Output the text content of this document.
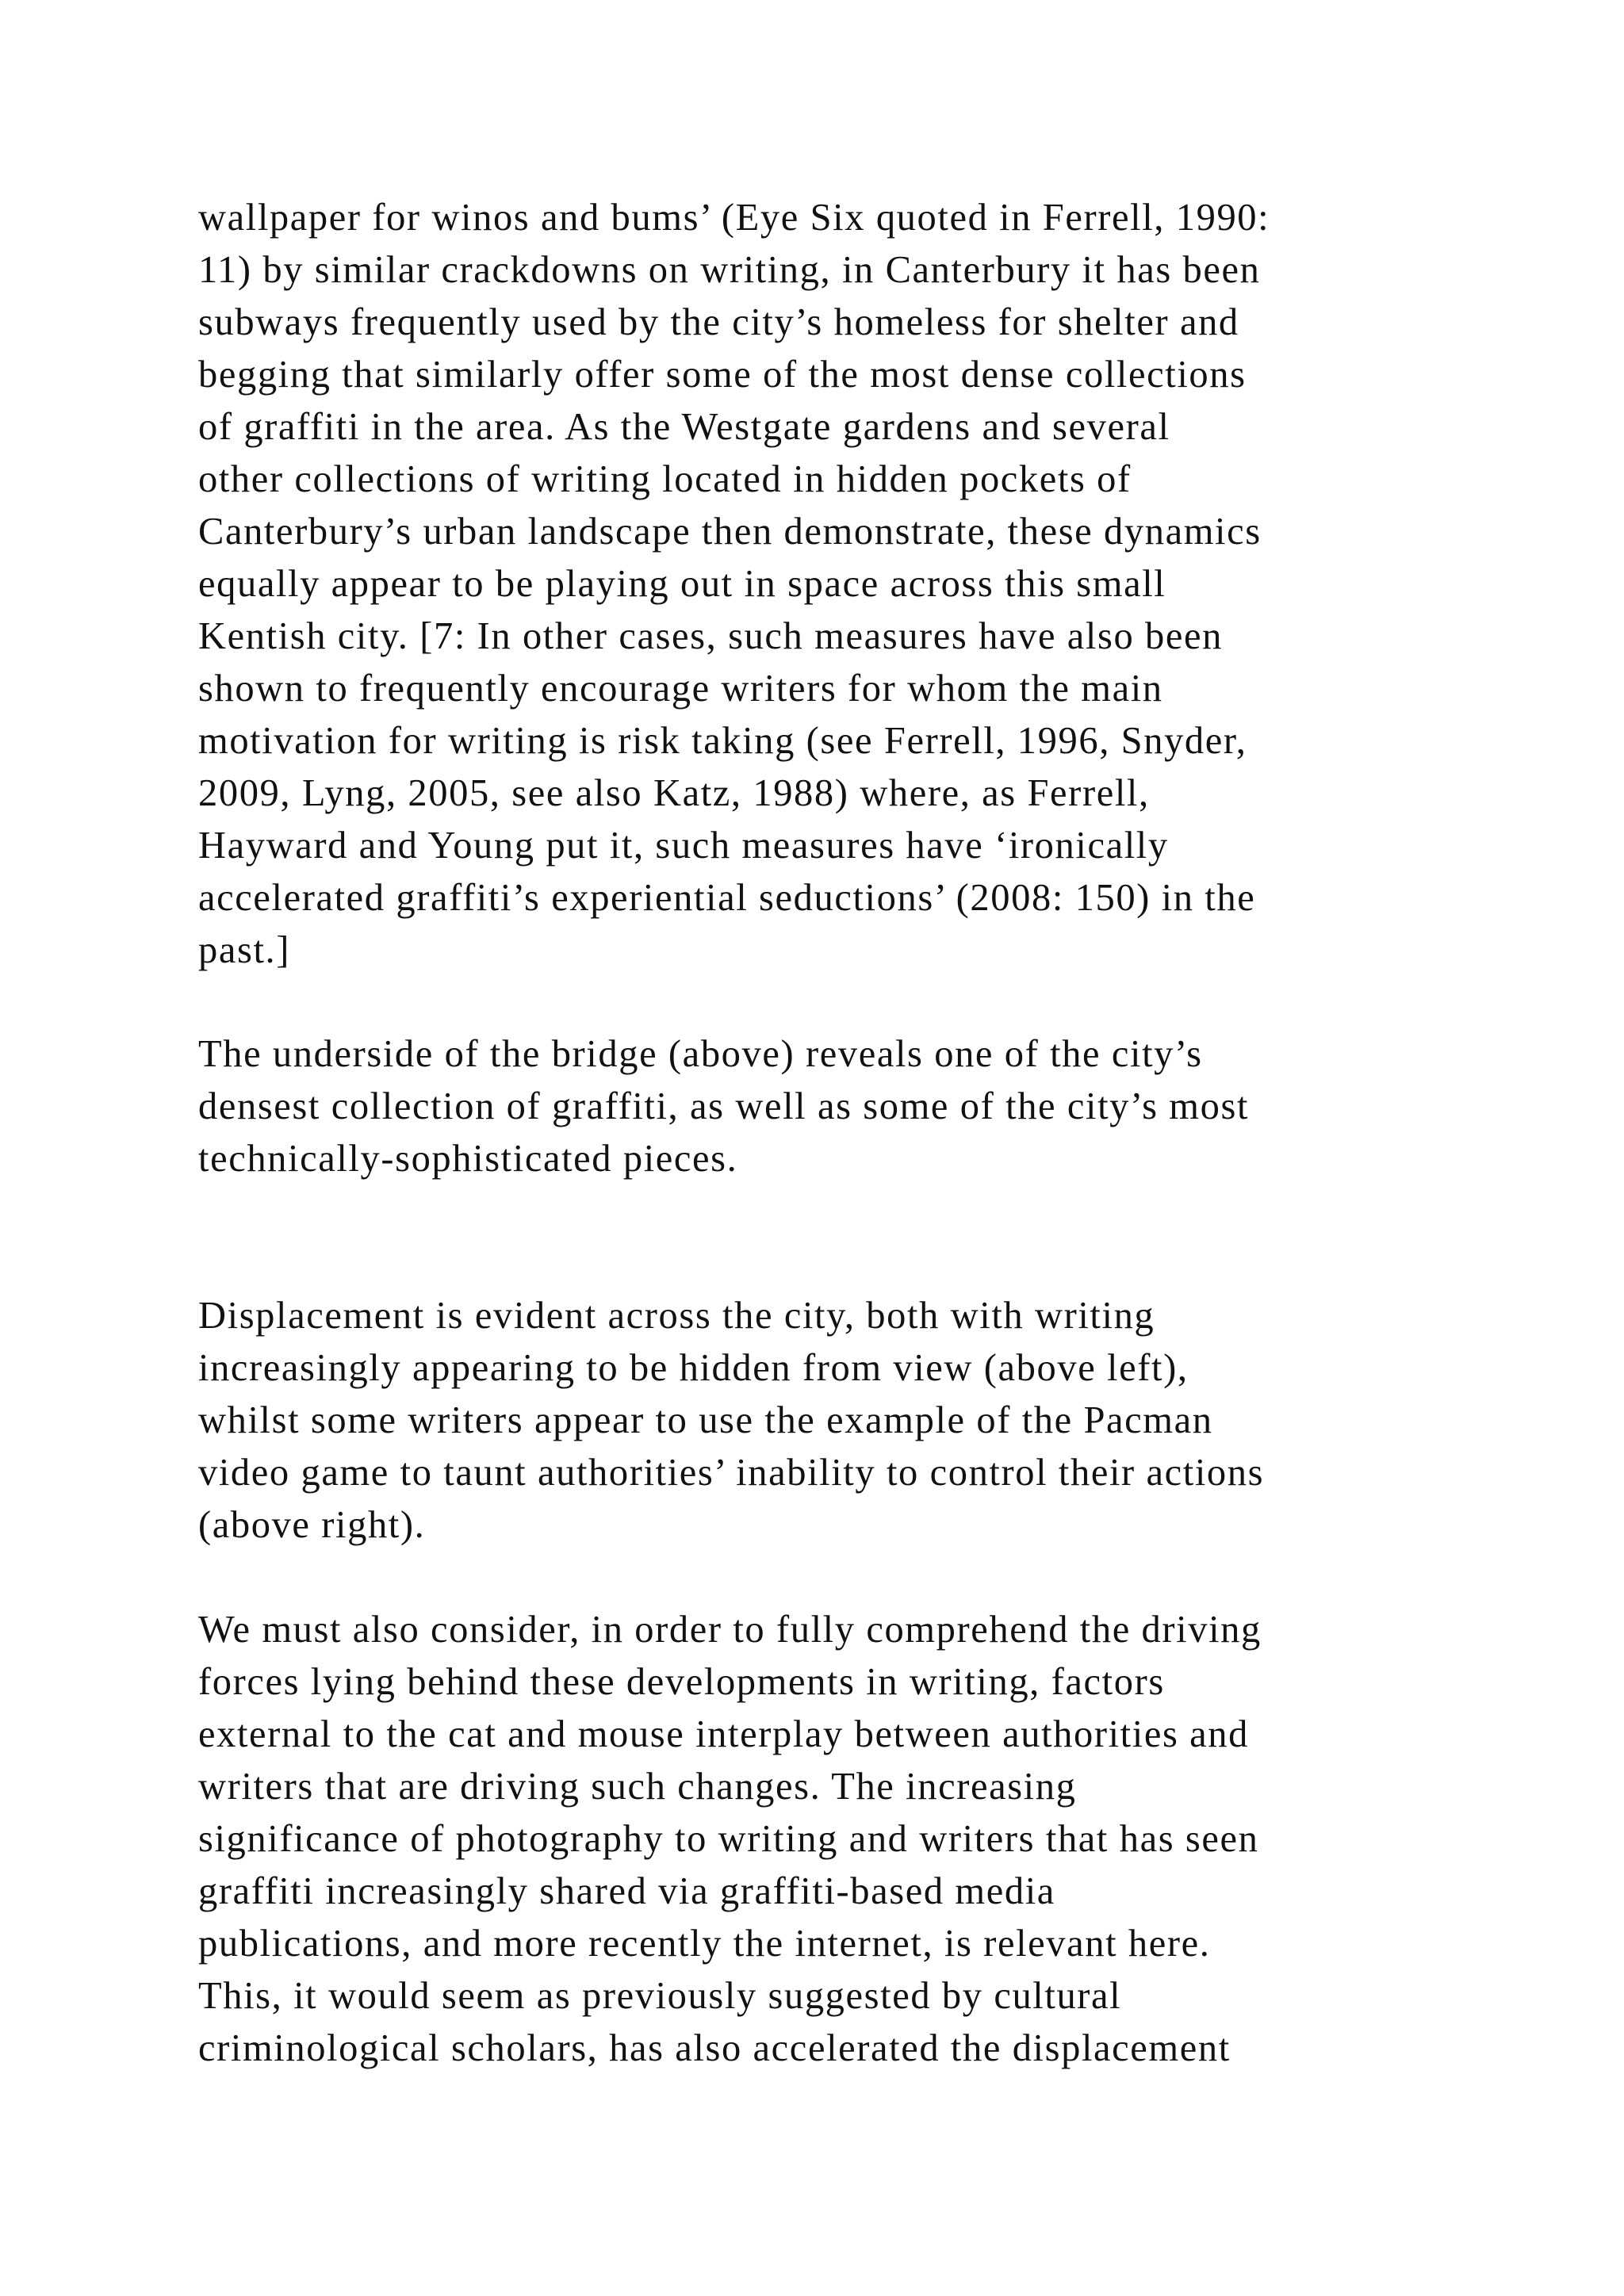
wallpaper for winos and bums’ (Eye Six quoted in Ferrell, 1990:
11) by similar crackdowns on writing, in Canterbury it has been
subways frequently used by the city’s homeless for shelter and
begging that similarly offer some of the most dense collections
of graffiti in the area. As the Westgate gardens and several
other collections of writing located in hidden pockets of
Canterbury’s urban landscape then demonstrate, these dynamics
equally appear to be playing out in space across this small
Kentish city. [7: In other cases, such measures have also been
shown to frequently encourage writers for whom the main
motivation for writing is risk taking (see Ferrell, 1996, Snyder,
2009, Lyng, 2005, see also Katz, 1988) where, as Ferrell,
Hayward and Young put it, such measures have ‘ironically
accelerated graffiti’s experiential seductions’ (2008: 150) in the
past.]
The underside of the bridge (above) reveals one of the city’s
densest collection of graffiti, as well as some of the city’s most
technically-sophisticated pieces.
Displacement is evident across the city, both with writing
increasingly appearing to be hidden from view (above left),
whilst some writers appear to use the example of the Pacman
video game to taunt authorities’ inability to control their actions
(above right).
We must also consider, in order to fully comprehend the driving
forces lying behind these developments in writing, factors
external to the cat and mouse interplay between authorities and
writers that are driving such changes. The increasing
significance of photography to writing and writers that has seen
graffiti increasingly shared via graffiti-based media
publications, and more recently the internet, is relevant here.
This, it would seem as previously suggested by cultural
criminological scholars, has also accelerated the displacement
